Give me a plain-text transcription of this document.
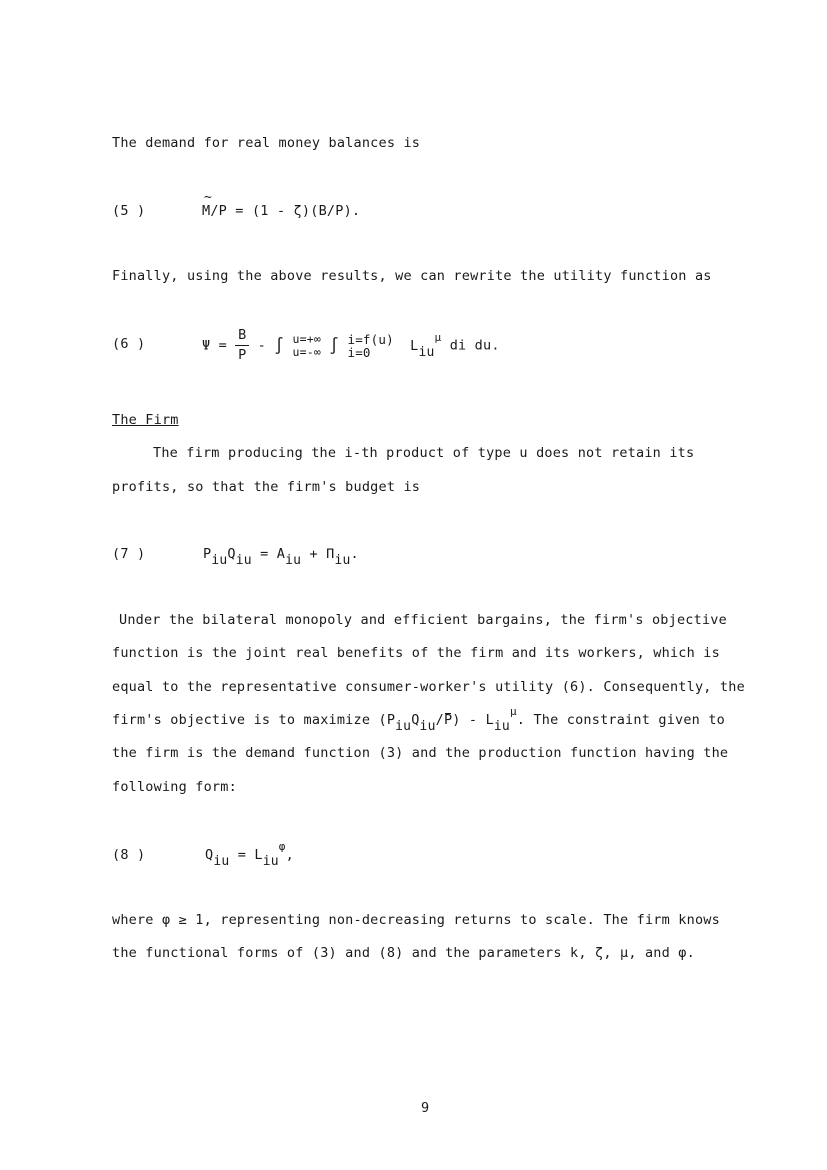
The demand for real money balances is
(5 )
~
M/P = (1 - ζ)(B/P).
Finally, using the above results, we can rewrite the utility function as
(6 )	$\Psi = \frac{B}{P}$ - ∫ u=+∞
u=-∞ ∫ i=f(u)
i=0	Liu$^\mu$ di du.
The Firm
The firm producing the i-th product of type u does not retain its
profits, so that the firm's budget is
(7 )	PiuQiu = Aiu + Πiu.
Under the bilateral monopoly and efficient bargains, the firm's objective
function is the joint real benefits of the firm and its workers, which is
equal to the representative consumer-worker's utility (6). Consequently, the
firm's objective is to maximize (PiuQiu/P) - Liu$^\mu$. The constraint given to
the firm is the demand function (3) and the production function having the
following form:
(8 )	Qiu = Liu$^\varphi$,
where φ ≥ 1, representing non-decreasing returns to scale. The firm knows
the functional forms of (3) and (8) and the parameters k, ζ, μ, and φ.
9
